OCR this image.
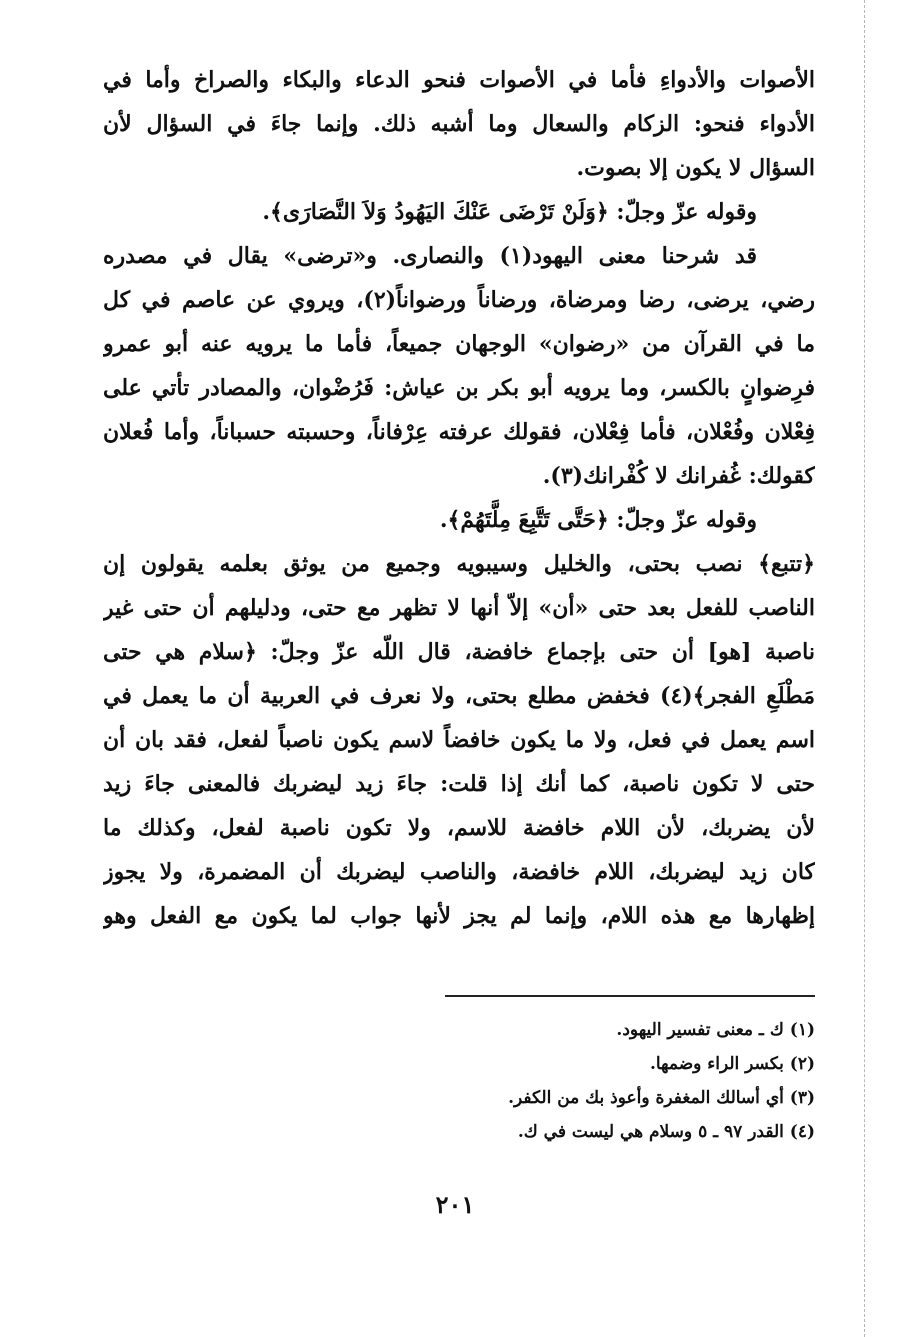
الأصوات والأدواءِ فأما في الأصوات فنحو الدعاء والبكاء والصراخ وأما في
الأدواء فنحو: الزكام والسعال وما أشبه ذلك. وإنما جاءَ في السؤال لأن
السؤال لا يكون إلا بصوت.
وقوله عزّ وجلّ: ﴿وَلَنْ تَرْضَى عَنْكَ اليَهُودُ وَلاَ النَّصَارَى﴾.
قد شرحنا معنى اليهود(١) والنصارى. و«ترضى» يقال في مصدره
رضي، يرضى، رضا ومرضاة، ورضاناً ورضواناً(٢)، ويروي عن عاصم في كل
ما في القرآن من «رضوان» الوجهان جميعاً، فأما ما يرويه عنه أبو عمرو
فرِضوانٍ بالكسر، وما يرويه أبو بكر بن عياش: فَرُضْوان، والمصادر تأتي على
فِعْلان وفُعْلان، فأما فِعْلان، فقولك عرفته عِرْفاناً، وحسبته حسباناً، وأما فُعلان
كقولك: غُفرانك لا كُفْرانك(٣).
وقوله عزّ وجلّ: ﴿حَتَّى تَتَّبِعَ مِلَّتَهُمْ﴾.
﴿تتبع﴾ نصب بحتى، والخليل وسيبويه وجميع من يوثق بعلمه يقولون إن
الناصب للفعل بعد حتى «أن» إلاّ أنها لا تظهر مع حتى، ودليلهم أن حتى غير
ناصبة [هو] أن حتى بإجماع خافضة، قال اللّه عزّ وجلّ: ﴿سلام هي حتى
مَطْلَعِ الفجر﴾(٤) فخفض مطلع بحتى، ولا نعرف في العربية أن ما يعمل في
اسم يعمل في فعل، ولا ما يكون خافضاً لاسم يكون ناصباً لفعل، فقد بان أن
حتى لا تكون ناصبة، كما أنك إذا قلت: جاءَ زيد ليضربك فالمعنى جاءَ زيد
لأن يضربك، لأن اللام خافضة للاسم، ولا تكون ناصبة لفعل، وكذلك ما
كان زيد ليضربك، اللام خافضة، والناصب ليضربك أن المضمرة، ولا يجوز
إظهارها مع هذه اللام، وإنما لم يجز لأنها جواب لما يكون مع الفعل وهو
(١) ك ـ معنى تفسير اليهود.
(٢) بكسر الراء وضمها.
(٣) أي أسالك المغفرة وأعوذ بك من الكفر.
(٤) القدر ٩٧ ـ ٥ وسلام هي ليست في ك.
٢٠١
